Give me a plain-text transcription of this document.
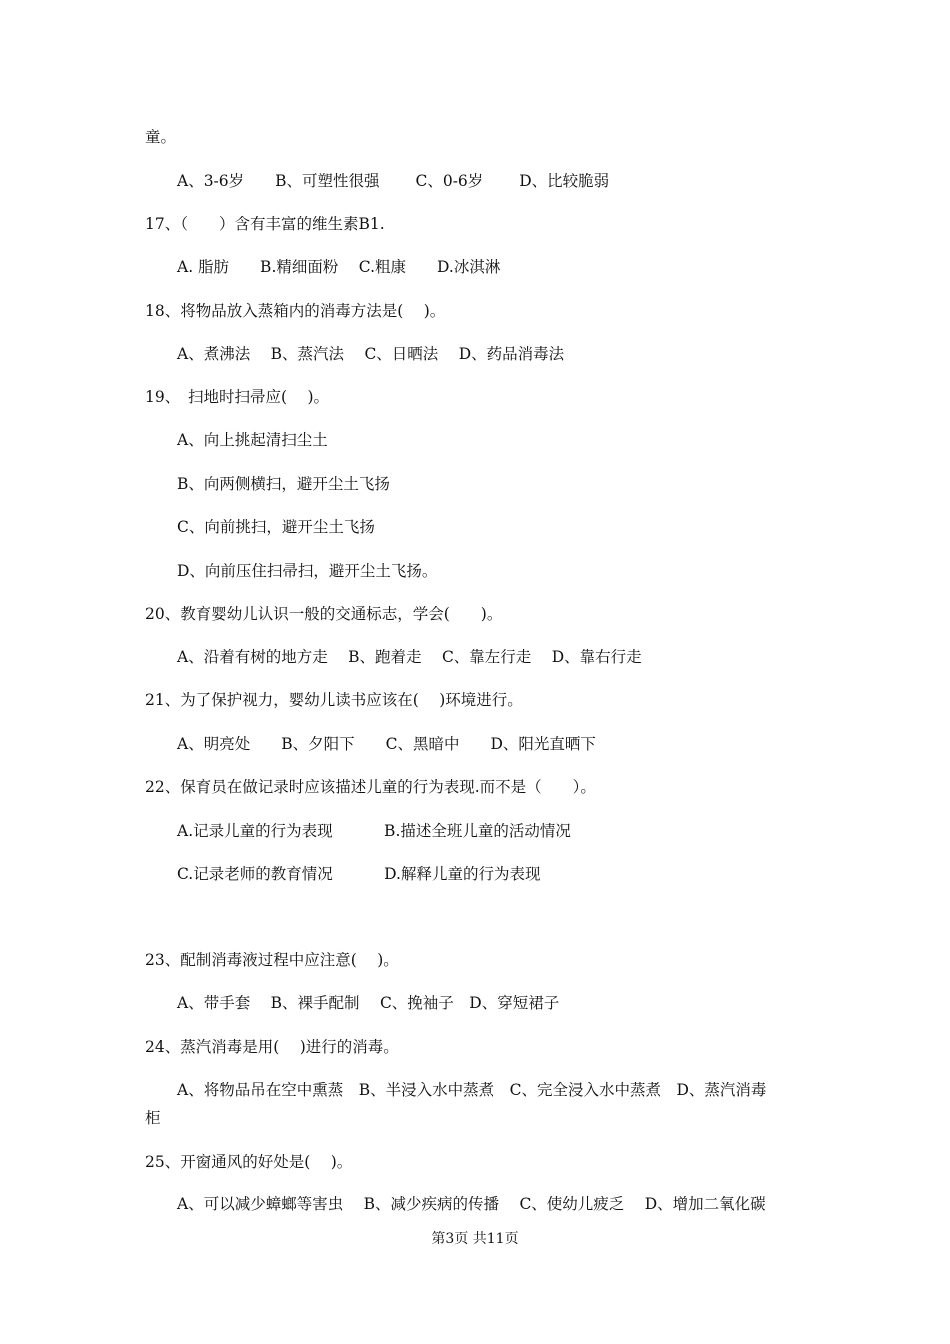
童。
A、3-6岁　　B、可塑性很强　　 C、0-6岁　　 D、比较脆弱
17、（　　）含有丰富的维生素B1.
A. 脂肪　　B.精细面粉　 C.粗康　　D.冰淇淋
18、将物品放入蒸箱内的消毒方法是(　 )。
A、煮沸法　 B、蒸汽法　 C、日晒法　 D、药品消毒法
19、　扫地时扫帚应(　 )。
A、向上挑起清扫尘土
B、向两侧横扫，避开尘土飞扬
C、向前挑扫，避开尘土飞扬
D、向前压住扫帚扫，避开尘土飞扬。
20、教育婴幼儿认识一般的交通标志，学会(　　)。
A、沿着有树的地方走　 B、跑着走　 C、靠左行走　 D、靠右行走
21、为了保护视力，婴幼儿读书应该在(　 )环境进行。
A、明亮处　　B、夕阳下　　C、黑暗中　　D、阳光直晒下
22、保育员在做记录时应该描述儿童的行为表现.而不是（　　）。
A.记录儿童的行为表现　　　 B.描述全班儿童的活动情况
C.记录老师的教育情况　　　 D.解释儿童的行为表现
23、配制消毒液过程中应注意(　 )。
A、带手套　 B、裸手配制　 C、挽袖子　D、穿短裙子
24、蒸汽消毒是用(　 )进行的消毒。
A、将物品吊在空中熏蒸　B、半浸入水中蒸煮　C、完全浸入水中蒸煮　D、蒸汽消毒
柜
25、开窗通风的好处是(　 )。
A、可以减少蟑螂等害虫　 B、减少疾病的传播　 C、使幼儿疲乏　 D、增加二氧化碳
第3页 共11页
